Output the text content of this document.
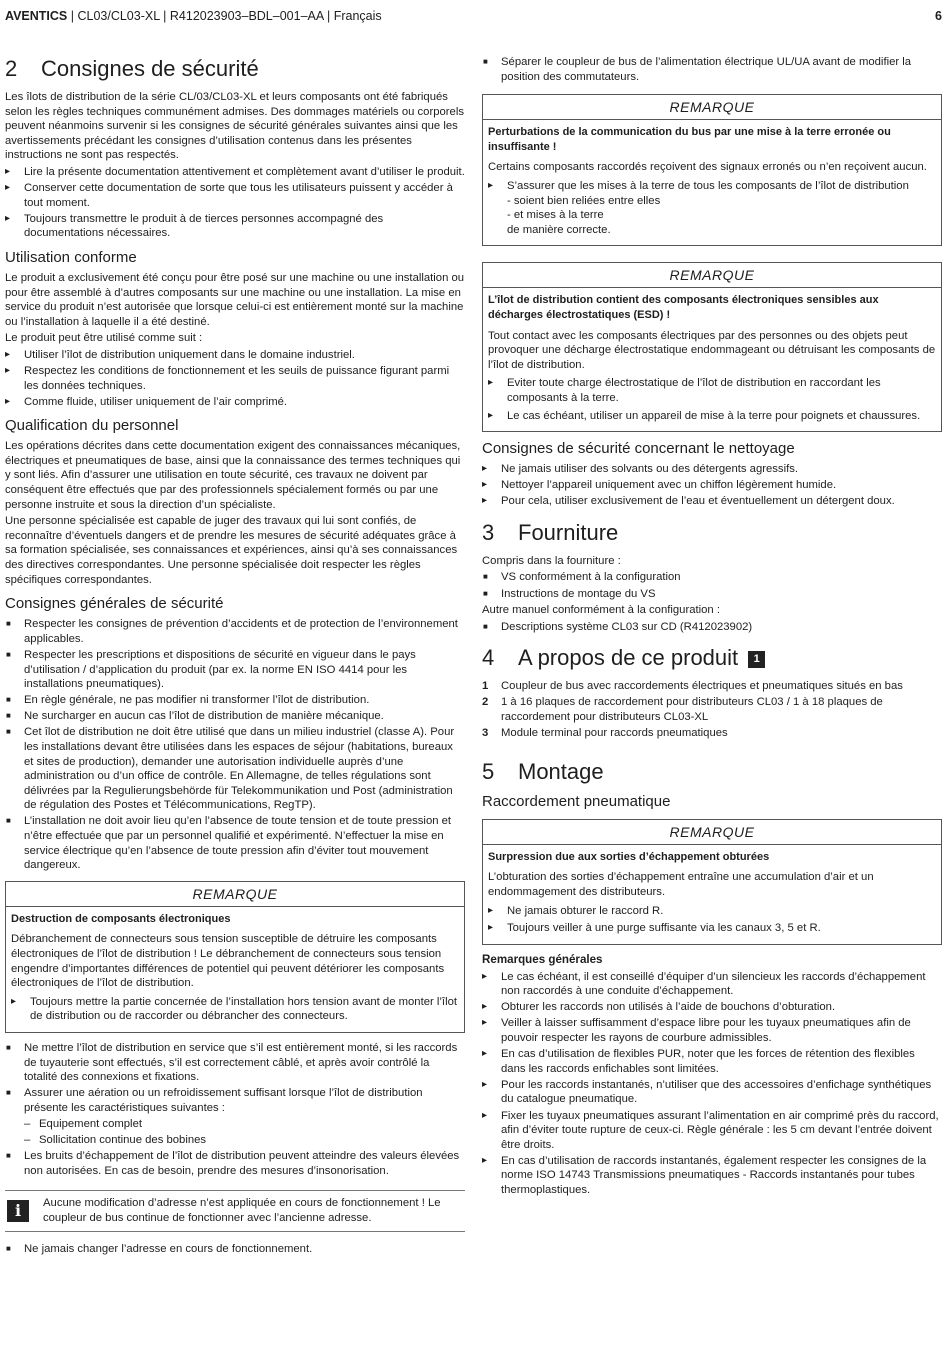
AVENTICS | CL03/CL03-XL | R412023903–BDL–001–AA | Français	6
2 Consignes de sécurité

Les îlots de distribution de la série CL/03/CL03-XL et leurs composants ont été fabriqués selon les règles techniques communément admises. Des dommages matériels ou corporels peuvent néanmoins survenir si les consignes de sécurité générales suivantes ainsi que les avertissements précédant les consignes d’utilisation contenus dans les présentes instructions ne sont pas respectés.

▸ Lire la présente documentation attentivement et complètement avant d’utiliser le produit.
▸ Conserver cette documentation de sorte que tous les utilisateurs puissent y accéder à tout moment.
▸ Toujours transmettre le produit à de tierces personnes accompagné des documentations nécessaires.
Utilisation conforme

Le produit a exclusivement été conçu pour être posé sur une machine ou une installation ou pour être assemblé à d’autres composants sur une machine ou une installation. La mise en service du produit n’est autorisée que lorsque celui-ci est entièrement monté sur la machine ou l’installation à laquelle il a été destiné.

Le produit peut être utilisé comme suit :

▸ Utiliser l’îlot de distribution uniquement dans le domaine industriel.
▸ Respectez les conditions de fonctionnement et les seuils de puissance figurant parmi les données techniques.
▸ Comme fluide, utiliser uniquement de l’air comprimé.
Qualification du personnel

Les opérations décrites dans cette documentation exigent des connaissances mécaniques, électriques et pneumatiques de base, ainsi que la connaissance des termes techniques qui y sont liés. Afin d’assurer une utilisation en toute sécurité, ces travaux ne doivent par conséquent être effectués que par des professionnels spécialement formés ou par une personne instruite et sous la direction d’un spécialiste.

Une personne spécialisée est capable de juger des travaux qui lui sont confiés, de reconnaître d’éventuels dangers et de prendre les mesures de sécurité adéquates grâce à sa formation spécialisée, ses connaissances et expériences, ainsi qu’à ses connaissances des directives correspondantes. Une personne spécialisée doit respecter les règles spécifiques correspondantes.

Consignes générales de sécurité
■ Respecter les consignes de prévention d’accidents et de protection de l’environnement applicables.
■ Respecter les prescriptions et dispositions de sécurité en vigueur dans le pays d’utilisation / d’application du produit (par ex. la norme EN ISO 4414 pour les installations pneumatiques).
■ En règle générale, ne pas modifier ni transformer l’îlot de distribution.
■ Ne surcharger en aucun cas l’îlot de distribution de manière mécanique.
■ Cet îlot de distribution ne doit être utilisé que dans un milieu industriel (classe A). Pour les installations devant être utilisées dans les espaces de séjour (habitations, bureaux et sites de production), demander une autorisation individuelle auprès d’une administration ou d’un office de contrôle. En Allemagne, de telles régulations sont délivrées par la Regulierungsbehörde für Telekommunikation und Post (administration de régulation des Postes et Télécommunications, RegTP).
■ L’installation ne doit avoir lieu qu’en l’absence de toute tension et de toute pression et n’être effectuée que par un personnel qualifié et expérimenté. N’effectuer la mise en service électrique qu’en l’absence de toute pression afin d’éviter tout mouvement dangereux.
REMARQUE
Destruction de composants électroniques

Débranchement de connecteurs sous tension susceptible de détruire les composants électroniques de l’îlot de distribution ! Le débranchement de connecteurs sous tension engendre d’importantes différences de potentiel qui peuvent détériorer les composants électroniques de l’îlot de distribution.

▸ Toujours mettre la partie concernée de l’installation hors tension avant de monter l’îlot de distribution ou de raccorder ou débrancher des connecteurs.
■ Ne mettre l’îlot de distribution en service que s’il est entièrement monté, si les raccords de tuyauterie sont effectués, s’il est correctement câblé, et après avoir contrôlé la totalité des connexions et fixations.
■ Assurer une aération ou un refroidissement suffisant lorsque l’îlot de distribution présente les caractéristiques suivantes :
– Equipement complet
– Sollicitation continue des bobines
■ Les bruits d’échappement de l’îlot de distribution peuvent atteindre des valeurs élevées non autorisées. En cas de besoin, prendre des mesures d’insonorisation.
i	Aucune modification d’adresse n’est appliquée en cours de fonctionnement ! Le coupleur de bus continue de fonctionner avec l’ancienne adresse.
■ Ne jamais changer l’adresse en cours de fonctionnement.
■ Séparer le coupleur de bus de l’alimentation électrique UL/UA avant de modifier la position des commutateurs.
REMARQUE
Perturbations de la communication du bus par une mise à la terre erronée ou insuffisante !

Certains composants raccordés reçoivent des signaux erronés ou n’en reçoivent aucun.

▸ S’assurer que les mises à la terre de tous les composants de l’îlot de distribution
- soient bien reliées entre elles
- et mises à la terre
de manière correcte.
REMARQUE
L’îlot de distribution contient des composants électroniques sensibles aux décharges électrostatiques (ESD) !

Tout contact avec les composants électriques par des personnes ou des objets peut provoquer une décharge électrostatique endommageant ou détruisant les composants de l’îlot de distribution.

▸ Eviter toute charge électrostatique de l’îlot de distribution en raccordant les composants à la terre.
▸ Le cas échéant, utiliser un appareil de mise à la terre pour poignets et chaussures.
Consignes de sécurité concernant le nettoyage
▸ Ne jamais utiliser des solvants ou des détergents agressifs.
▸ Nettoyer l’appareil uniquement avec un chiffon légèrement humide.
▸ Pour cela, utiliser exclusivement de l’eau et éventuellement un détergent doux.
3 Fourniture

Compris dans la fourniture :

■ VS conformément à la configuration
■ Instructions de montage du VS

Autre manuel conformément à la configuration :

■ Descriptions système CL03 sur CD (R412023902)
4 A propos de ce produit 1
1 Coupleur de bus avec raccordements électriques et pneumatiques situés en bas
2 1 à 16 plaques de raccordement pour distributeurs CL03 / 1 à 18 plaques de raccordement pour distributeurs CL03-XL
3 Module terminal pour raccords pneumatiques
5 Montage
Raccordement pneumatique
REMARQUE
Surpression due aux sorties d’échappement obturées

L’obturation des sorties d’échappement entraîne une accumulation d’air et un endommagement des distributeurs.

▸ Ne jamais obturer le raccord R.
▸ Toujours veiller à une purge suffisante via les canaux 3, 5 et R.
Remarques générales
▸ Le cas échéant, il est conseillé d’équiper d’un silencieux les raccords d’échappement non raccordés à une conduite d’échappement.
▸ Obturer les raccords non utilisés à l’aide de bouchons d’obturation.
▸ Veiller à laisser suffisamment d’espace libre pour les tuyaux pneumatiques afin de pouvoir respecter les rayons de courbure admissibles.
▸ En cas d’utilisation de flexibles PUR, noter que les forces de rétention des flexibles dans les raccords enfichables sont limitées.
▸ Pour les raccords instantanés, n’utiliser que des accessoires d’enfichage synthétiques du catalogue pneumatique.
▸ Fixer les tuyaux pneumatiques assurant l’alimentation en air comprimé près du raccord, afin d’éviter toute rupture de ceux-ci. Règle générale : les 5 cm devant l’entrée doivent être droits.
▸ En cas d’utilisation de raccords instantanés, également respecter les consignes de la norme ISO 14743 Transmissions pneumatiques - Raccords instantanés pour tubes thermoplastiques.
